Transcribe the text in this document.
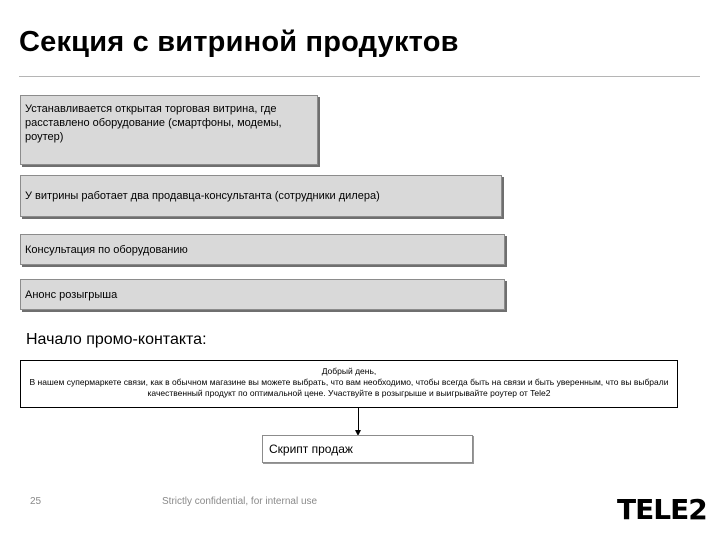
Секция с витриной продуктов
Устанавливается открытая торговая витрина, где расставлено оборудование (смартфоны, модемы, роутер)
У витрины работает два продавца-консультанта (сотрудники дилера)
Консультация по оборудованию
Анонс розыгрыша
Начало промо-контакта:
Добрый день,
В нашем супермаркете связи, как в обычном магазине вы можете выбрать, что вам необходимо, чтобы всегда быть на связи и быть уверенным, что вы выбрали качественный продукт по оптимальной цене. Участвуйте в розыгрыше и выигрывайте роутер от Tele2
Скрипт продаж
25	Strictly confidential, for internal use	TELE2
